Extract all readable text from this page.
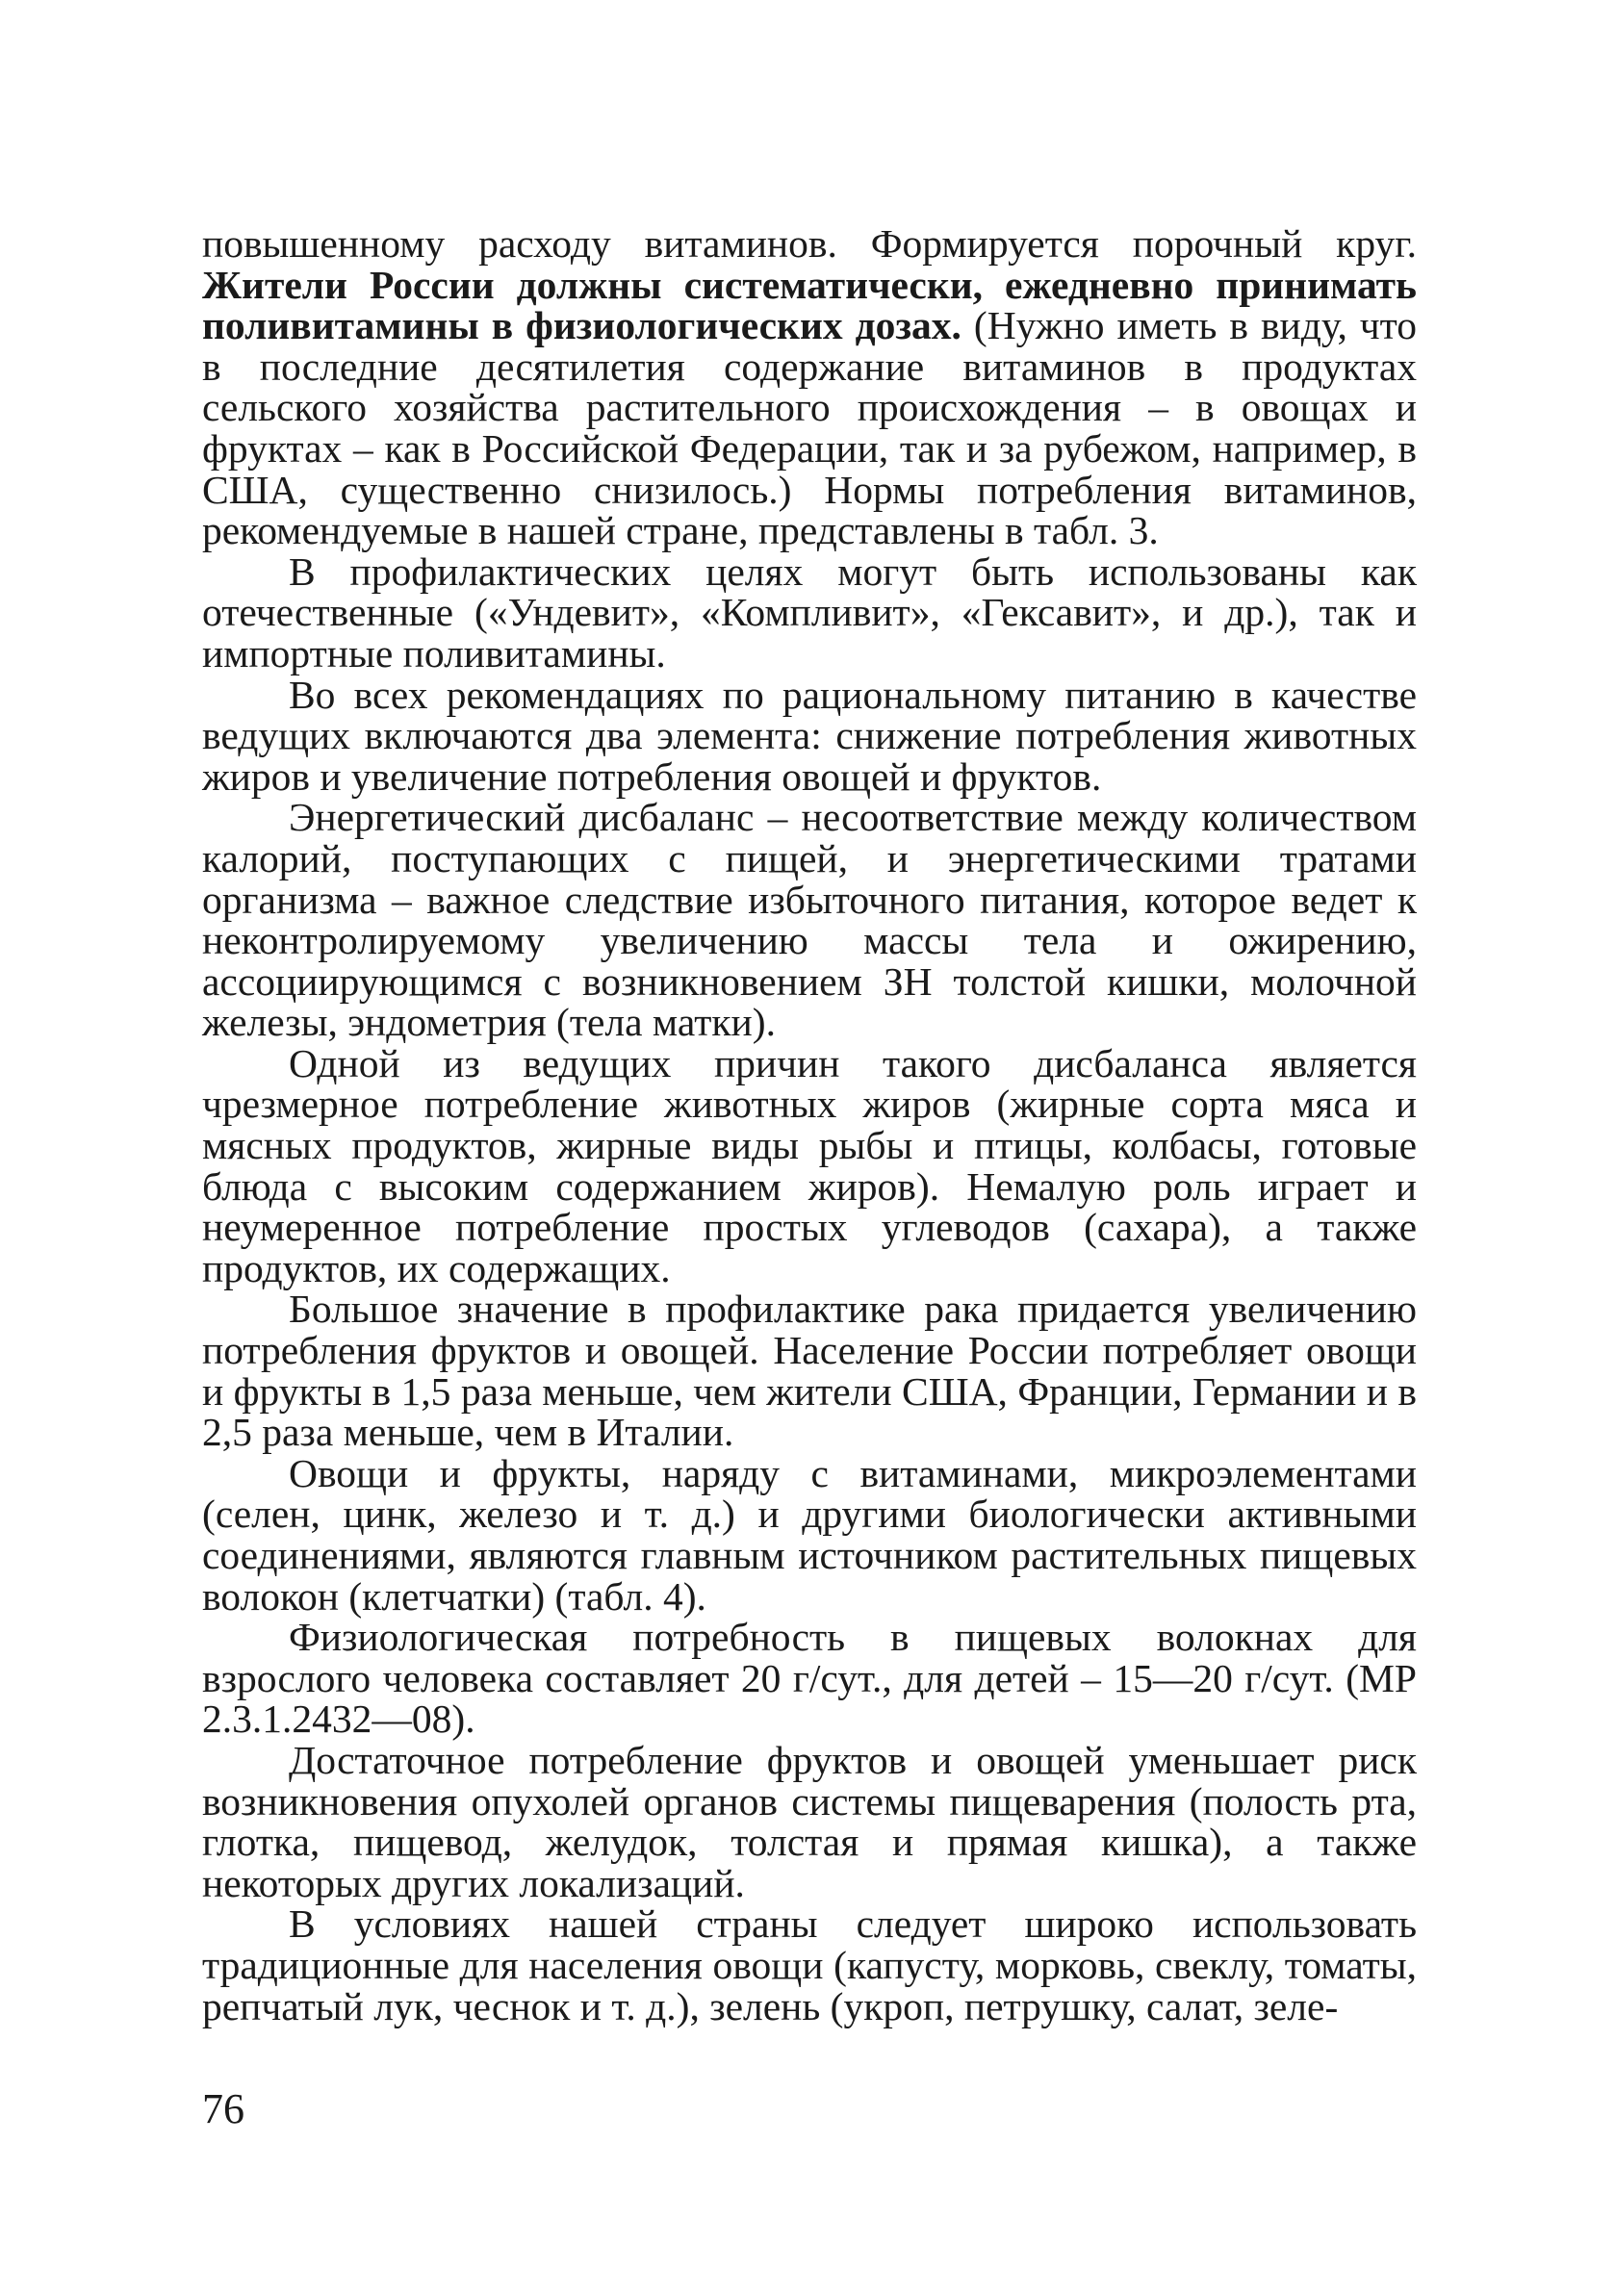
повышенному расходу витаминов. Формируется порочный круг. Жители России должны систематически, ежедневно принимать поливитамины в физиологических дозах. (Нужно иметь в виду, что в последние десятилетия содержание витаминов в продуктах сельского хозяйства растительного происхождения – в овощах и фруктах – как в Российской Федерации, так и за рубежом, например, в США, существенно снизилось.) Нормы потребления витаминов, рекомендуемые в нашей стране, представлены в табл. 3.

В профилактических целях могут быть использованы как отечественные («Ундевит», «Компливит», «Гексавит», и др.), так и импортные поливитамины.

Во всех рекомендациях по рациональному питанию в качестве ведущих включаются два элемента: снижение потребления животных жиров и увеличение потребления овощей и фруктов.

Энергетический дисбаланс – несоответствие между количеством калорий, поступающих с пищей, и энергетическими тратами организма – важное следствие избыточного питания, которое ведет к неконтролируемому увеличению массы тела и ожирению, ассоциирующимся с возникновением ЗН толстой кишки, молочной железы, эндометрия (тела матки).

Одной из ведущих причин такого дисбаланса является чрезмерное потребление животных жиров (жирные сорта мяса и мясных продуктов, жирные виды рыбы и птицы, колбасы, готовые блюда с высоким содержанием жиров). Немалую роль играет и неумеренное потребление простых углеводов (сахара), а также продуктов, их содержащих.

Большое значение в профилактике рака придается увеличению потребления фруктов и овощей. Население России потребляет овощи и фрукты в 1,5 раза меньше, чем жители США, Франции, Германии и в 2,5 раза меньше, чем в Италии.

Овощи и фрукты, наряду с витаминами, микроэлементами (селен, цинк, железо и т. д.) и другими биологически активными соединениями, являются главным источником растительных пищевых волокон (клетчатки) (табл. 4).

Физиологическая потребность в пищевых волокнах для взрослого человека составляет 20 г/сут., для детей – 15—20 г/сут. (МР 2.3.1.2432—08).

Достаточное потребление фруктов и овощей уменьшает риск возникновения опухолей органов системы пищеварения (полость рта, глотка, пищевод, желудок, толстая и прямая кишка), а также некоторых других локализаций.

В условиях нашей страны следует широко использовать традиционные для населения овощи (капусту, морковь, свеклу, томаты, репчатый лук, чеснок и т. д.), зелень (укроп, петрушку, салат, зеле-

76
